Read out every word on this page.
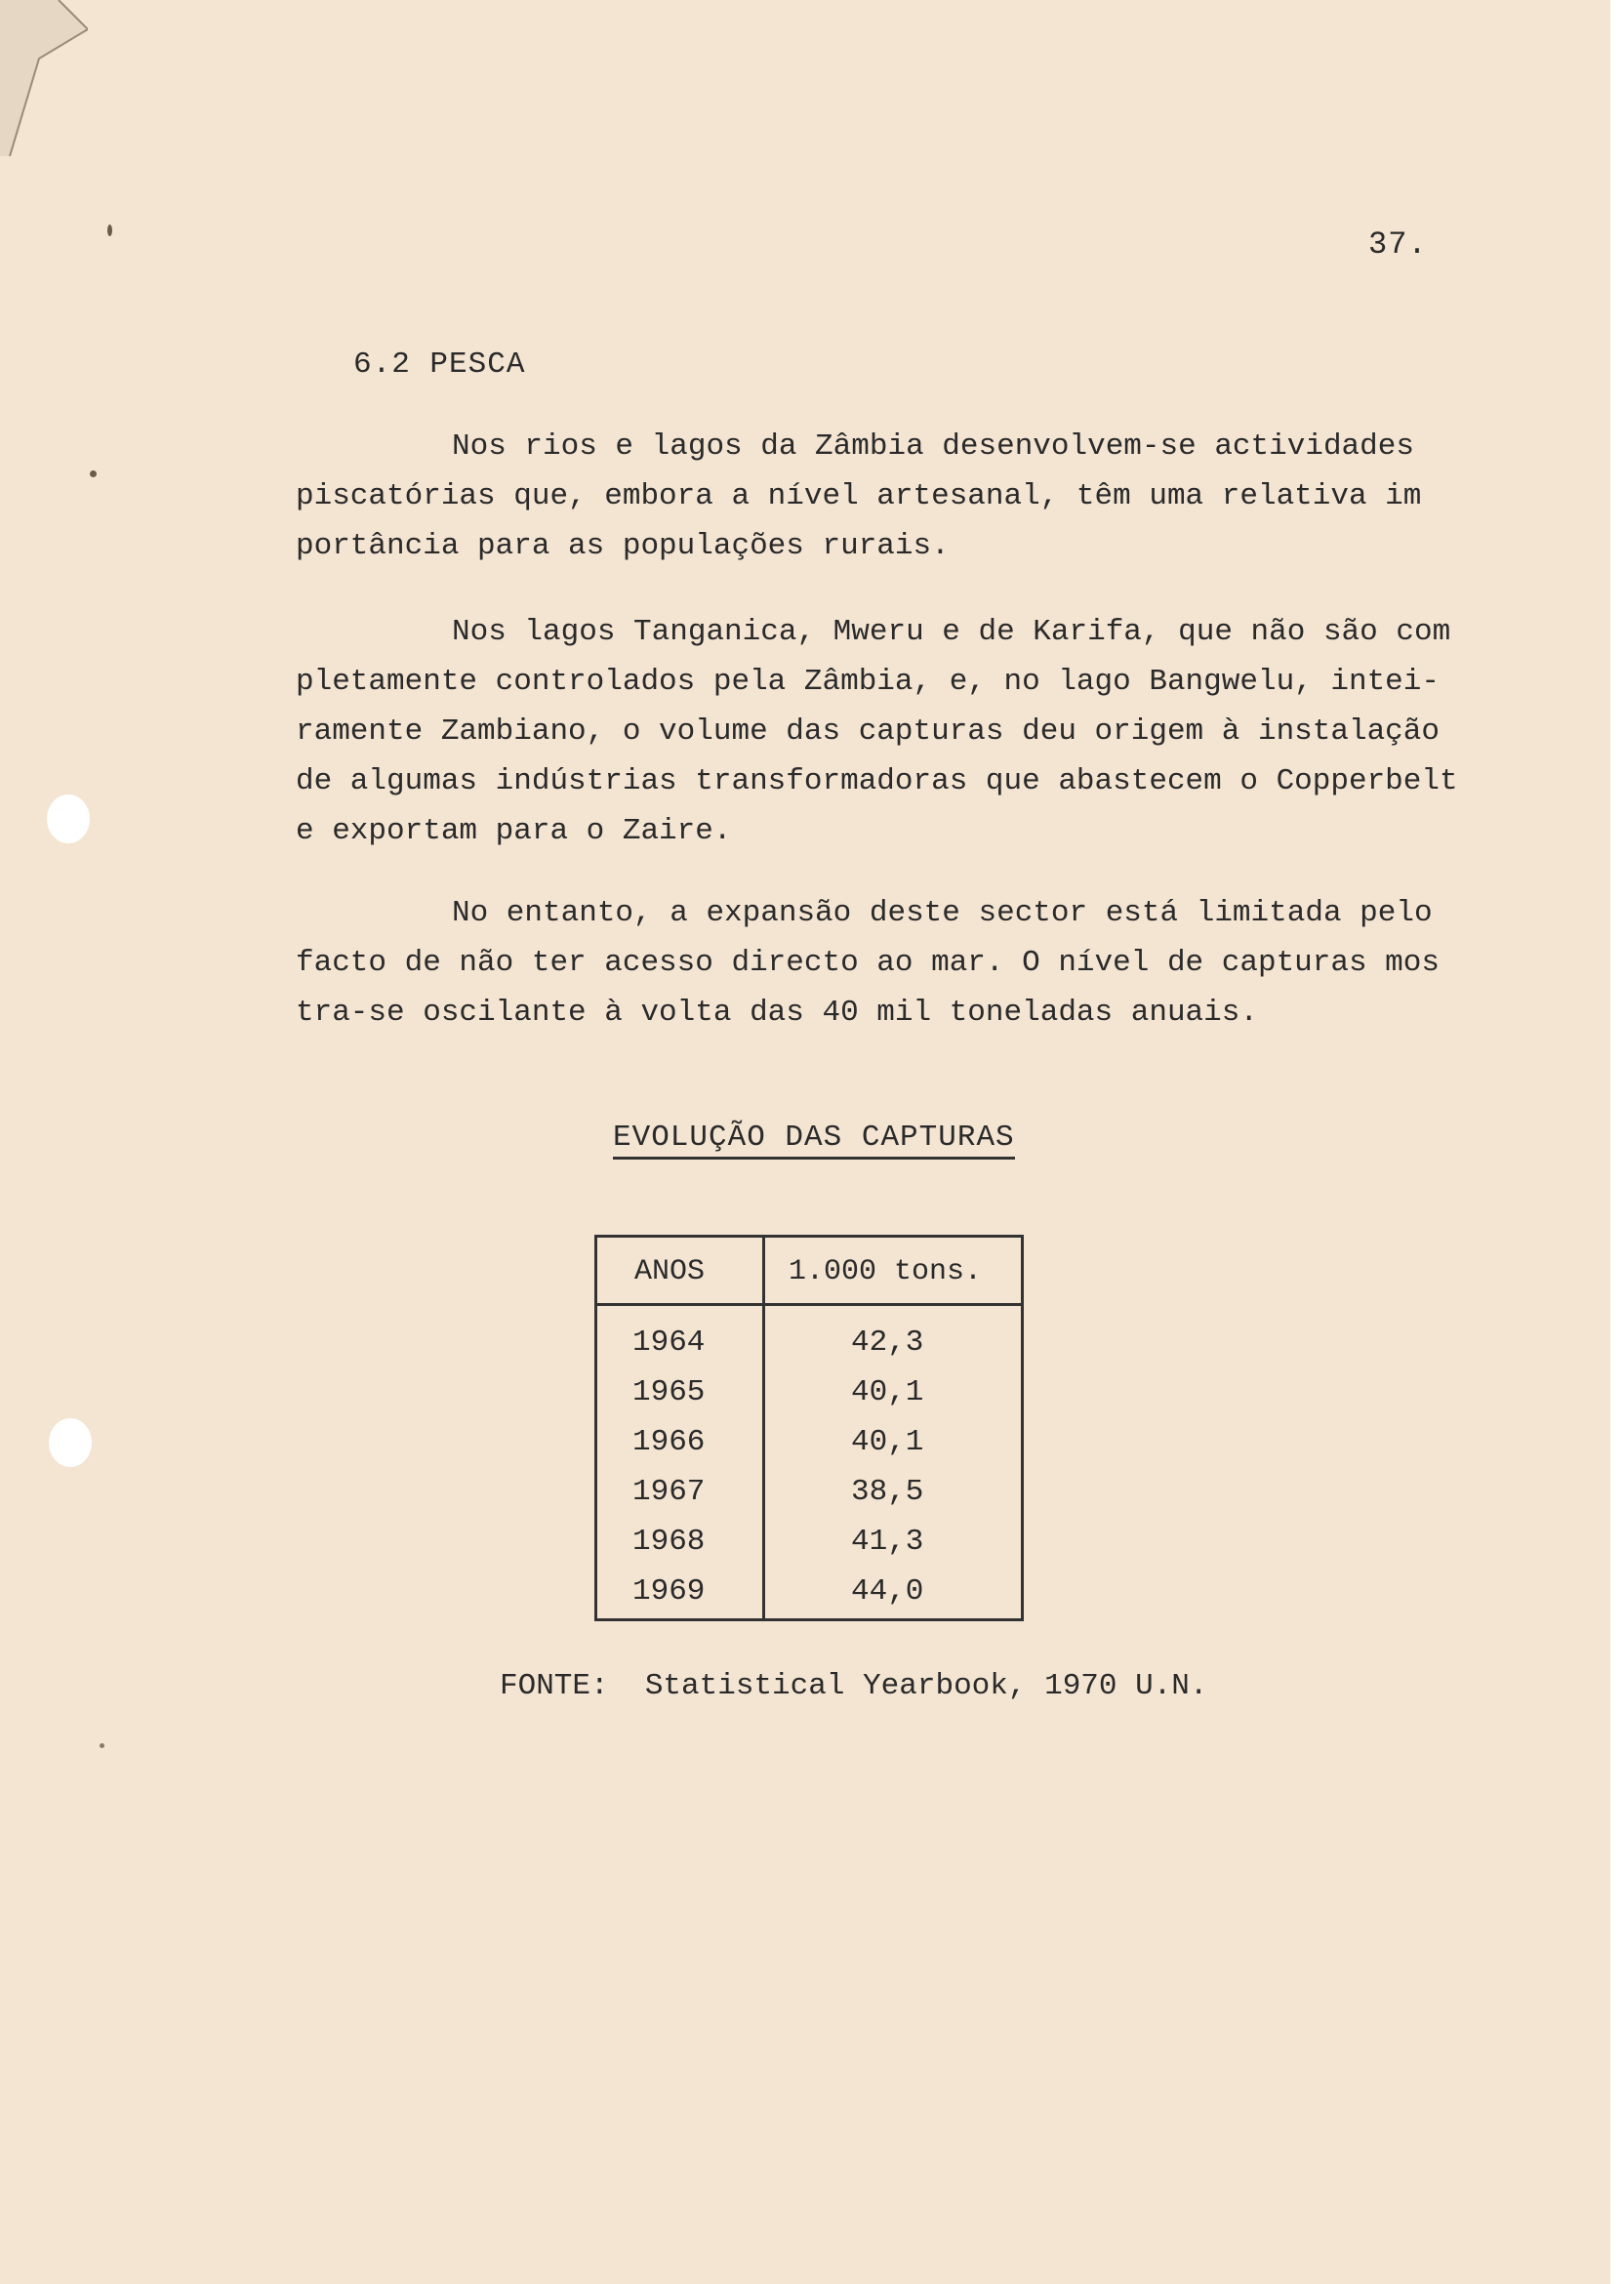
37.
6.2 PESCA

Nos rios e lagos da Zâmbia desenvolvem-se actividades
piscatórias que, embora a nível artesanal, têm uma relativa im
portância para as populações rurais.

Nos lagos Tanganica, Mweru e de Karifa, que não são com
pletamente controlados pela Zâmbia, e, no lago Bangwelu, intei-
ramente Zambiano, o volume das capturas deu origem à instalação
de algumas indústrias transformadoras que abastecem o Copperbelt
e exportam para o Zaire.

No entanto, a expansão deste sector está limitada pelo
facto de não ter acesso directo ao mar. O nível de capturas mos
tra-se oscilante à volta das 40 mil toneladas anuais.

EVOLUÇÃO DAS CAPTURAS
ANOS	1.000 tons.
1964	42,3
1965	40,1
1966	40,1
1967	38,5
1968	41,3
1969	44,0
FONTE:  Statistical Yearbook, 1970 U.N.
